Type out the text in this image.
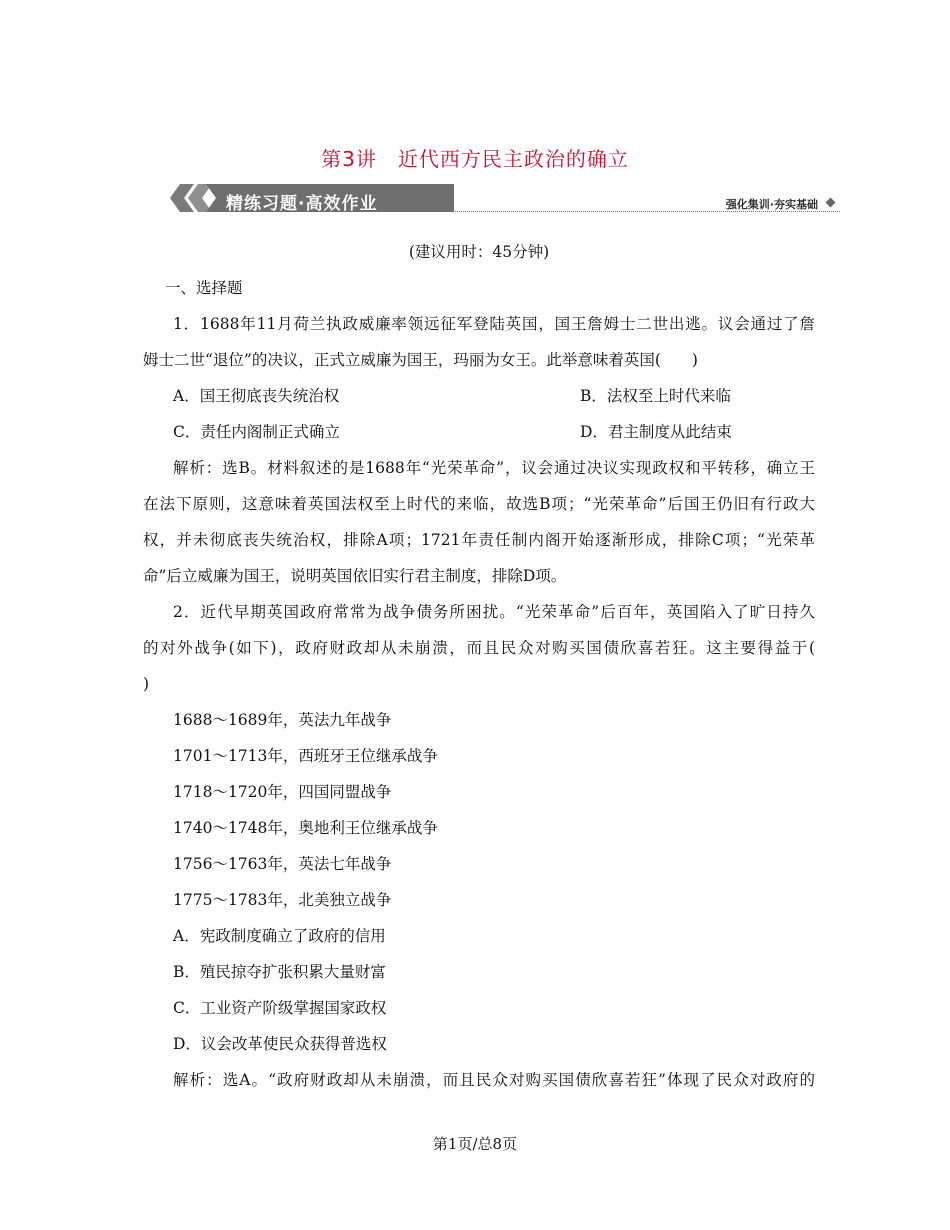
第3讲　近代西方民主政治的确立
精练习题·高效作业	强化集训·夯实基础
(建议用时：45分钟)
一、选择题
1．1688年11月荷兰执政威廉率领远征军登陆英国，国王詹姆士二世出逃。议会通过了詹
姆士二世“退位”的决议，正式立威廉为国王，玛丽为女王。此举意味着英国(　　)
A．国王彻底丧失统治权	B．法权至上时代来临
C．责任内阁制正式确立	D．君主制度从此结束
解析：选B。材料叙述的是1688年“光荣革命”，议会通过决议实现政权和平转移，确立王
在法下原则，这意味着英国法权至上时代的来临，故选B项；“光荣革命”后国王仍旧有行政大
权，并未彻底丧失统治权，排除A项；1721年责任制内阁开始逐渐形成，排除C项；“光荣革
命”后立威廉为国王，说明英国依旧实行君主制度，排除D项。
2．近代早期英国政府常常为战争债务所困扰。“光荣革命”后百年，英国陷入了旷日持久
的对外战争(如下)，政府财政却从未崩溃，而且民众对购买国债欣喜若狂。这主要得益于(
)
1688～1689年，英法九年战争
1701～1713年，西班牙王位继承战争
1718～1720年，四国同盟战争
1740～1748年，奥地利王位继承战争
1756～1763年，英法七年战争
1775～1783年，北美独立战争
A．宪政制度确立了政府的信用
B．殖民掠夺扩张积累大量财富
C．工业资产阶级掌握国家政权
D．议会改革使民众获得普选权
解析：选A。“政府财政却从未崩溃，而且民众对购买国债欣喜若狂”体现了民众对政府的
第1页/总8页
